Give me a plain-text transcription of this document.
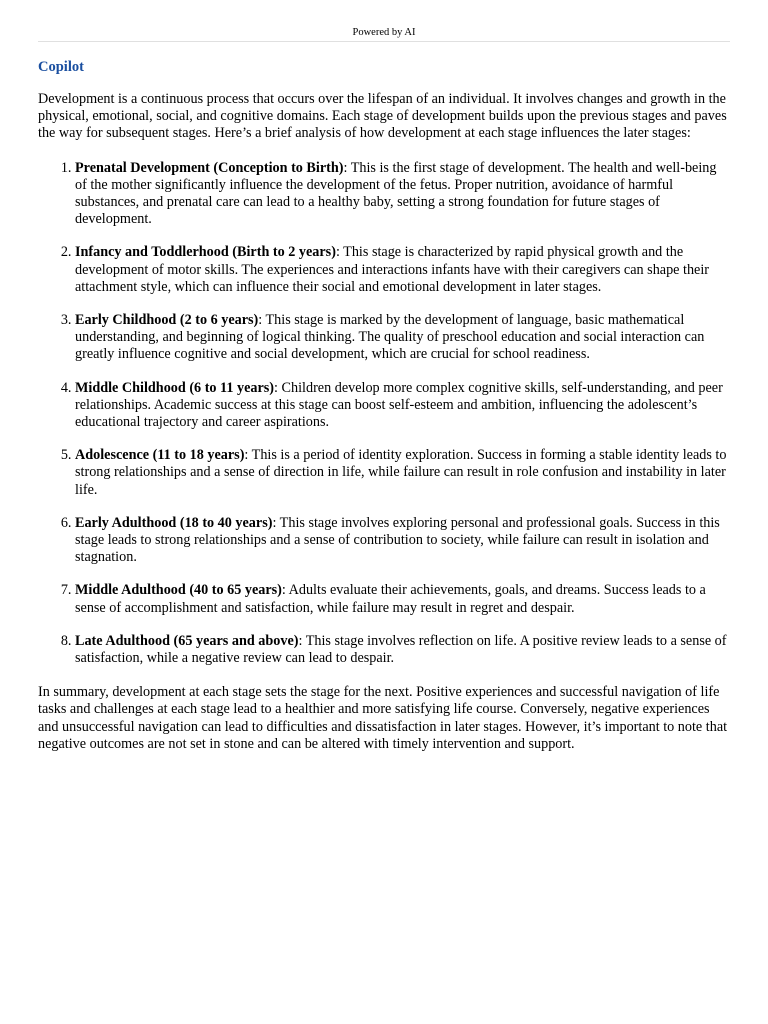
Powered by AI
Copilot

Development is a continuous process that occurs over the lifespan of an individual. It involves changes and growth in the physical, emotional, social, and cognitive domains. Each stage of development builds upon the previous stages and paves the way for subsequent stages. Here’s a brief analysis of how development at each stage influences the later stages:

1. Prenatal Development (Conception to Birth): This is the first stage of development. The health and well-being of the mother significantly influence the development of the fetus. Proper nutrition, avoidance of harmful substances, and prenatal care can lead to a healthy baby, setting a strong foundation for future stages of development.
2. Infancy and Toddlerhood (Birth to 2 years): This stage is characterized by rapid physical growth and the development of motor skills. The experiences and interactions infants have with their caregivers can shape their attachment style, which can influence their social and emotional development in later stages.
3. Early Childhood (2 to 6 years): This stage is marked by the development of language, basic mathematical understanding, and beginning of logical thinking. The quality of preschool education and social interaction can greatly influence cognitive and social development, which are crucial for school readiness.
4. Middle Childhood (6 to 11 years): Children develop more complex cognitive skills, self-understanding, and peer relationships. Academic success at this stage can boost self-esteem and ambition, influencing the adolescent’s educational trajectory and career aspirations.
5. Adolescence (11 to 18 years): This is a period of identity exploration. Success in forming a stable identity leads to strong relationships and a sense of direction in life, while failure can result in role confusion and instability in later life.
6. Early Adulthood (18 to 40 years): This stage involves exploring personal and professional goals. Success in this stage leads to strong relationships and a sense of contribution to society, while failure can result in isolation and stagnation.
7. Middle Adulthood (40 to 65 years): Adults evaluate their achievements, goals, and dreams. Success leads to a sense of accomplishment and satisfaction, while failure may result in regret and despair.
8. Late Adulthood (65 years and above): This stage involves reflection on life. A positive review leads to a sense of satisfaction, while a negative review can lead to despair.

In summary, development at each stage sets the stage for the next. Positive experiences and successful navigation of life tasks and challenges at each stage lead to a healthier and more satisfying life course. Conversely, negative experiences and unsuccessful navigation can lead to difficulties and dissatisfaction in later stages. However, it’s important to note that negative outcomes are not set in stone and can be altered with timely intervention and support.
